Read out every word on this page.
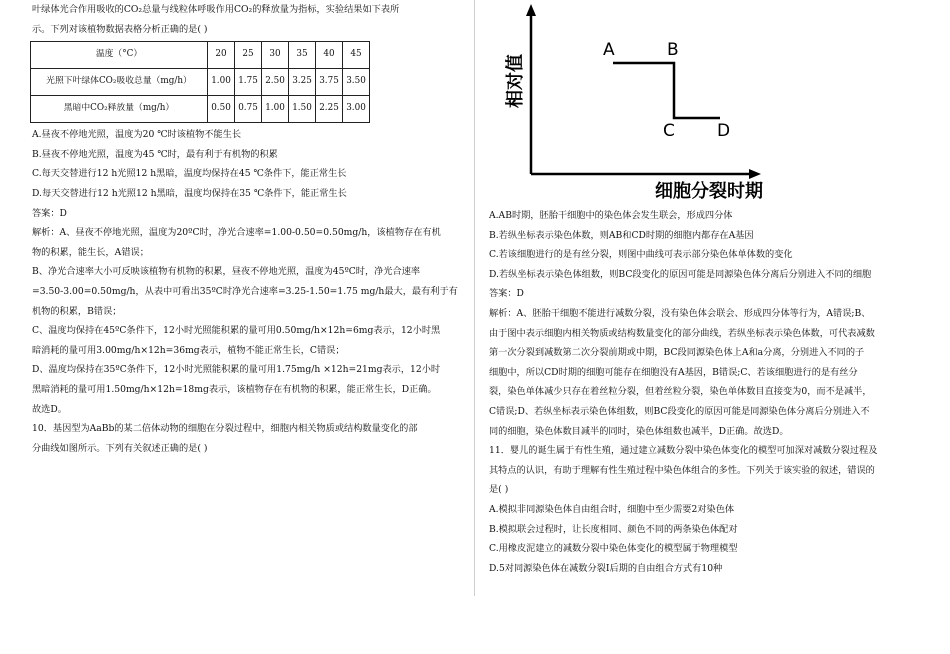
叶绿体光合作用吸收的CO₂总量与线粒体呼吸作用CO₂的释放量为指标，实验结果如下表所

示。下列对该植物数据表格分析正确的是( )

温度（°C）	20	25	30	35	40	45
光照下叶绿体CO₂吸收总量（mg/h）	1.00	1.75	2.50	3.25	3.75	3.50
黑暗中CO₂释放量（mg/h）	0.50	0.75	1.00	1.50	2.25	3.00

A.昼夜不停地光照，温度为20 ℃时该植物不能生长

B.昼夜不停地光照，温度为45 ℃时，最有利于有机物的积累

C.每天交替进行12 h光照12 h黑暗，温度均保持在45 ℃条件下，能正常生长

D.每天交替进行12 h光照12 h黑暗，温度均保持在35 ℃条件下，能正常生长

答案：D

解析：A、昼夜不停地光照，温度为20ºC时，净光合速率=1.00-0.50=0.50mg/h，该植物存在有机

物的积累，能生长，A错误；

B、净光合速率大小可反映该植物有机物的积累，昼夜不停地光照，温度为45ºC时，净光合速率

=3.50-3.00=0.50mg/h，从表中可看出35ºC时净光合速率=3.25-1.50=1.75 mg/h最大，最有利于有

机物的积累，B错误；

C、温度均保持在45ºC条件下，12小时光照能积累的量可用0.50mg/h×12h=6mg表示，12小时黑

暗消耗的量可用3.00mg/h×12h=36mg表示，植物不能正常生长，C错误；

D、温度均保持在35ºC条件下，12小时光照能积累的量可用1.75mg/h ×12h=21mg表示，12小时

黑暗消耗的量可用1.50mg/h×12h=18mg表示，该植物存在有机物的积累，能正常生长，D正确。

故选D。

10．基因型为AaBb的某二倍体动物的细胞在分裂过程中，细胞内相关物质或结构数量变化的部

分曲线如图所示。下列有关叙述正确的是( )

A	B
C D
相对值
细胞分裂时期

A.AB时期，胚胎干细胞中的染色体会发生联会，形成四分体

B.若纵坐标表示染色体数，则AB和CD时期的细胞内都存在A基因

C.若该细胞进行的是有丝分裂，则图中曲线可表示部分染色体单体数的变化

D.若纵坐标表示染色体组数，则BC段变化的原因可能是同源染色体分离后分别进入不同的细胞

答案：D

解析：A、胚胎干细胞不能进行减数分裂，没有染色体会联会、形成四分体等行为，A错误;B、

由于图中表示细胞内相关物质或结构数量变化的部分曲线，若纵坐标表示染色体数，可代表减数

第一次分裂到减数第二次分裂前期或中期，BC段同源染色体上A和a分离，分别进入不同的子

细胞中，所以CD时期的细胞可能存在细胞没有A基因，B错误;C、若该细胞进行的是有丝分

裂，染色单体减少只存在着丝粒分裂，但着丝粒分裂，染色单体数目直接变为0，而不是减半，

C错误;D、若纵坐标表示染色体组数，则BC段变化的原因可能是同源染色体分离后分别进入不

同的细胞，染色体数目减半的同时，染色体组数也减半，D正确。故选D。

11．婴儿的诞生属于有性生殖，通过建立减数分裂中染色体变化的模型可加深对减数分裂过程及

其特点的认识，有助于理解有性生殖过程中染色体组合的多性。下列关于该实验的叙述，错误的

是( )

A.模拟非同源染色体自由组合时，细胞中至少需要2对染色体

B.模拟联会过程时，让长度相同、颜色不同的两条染色体配对

C.用橡皮泥建立的减数分裂中染色体变化的模型属于物理模型

D.5对同源染色体在减数分裂I后期的自由组合方式有10种
